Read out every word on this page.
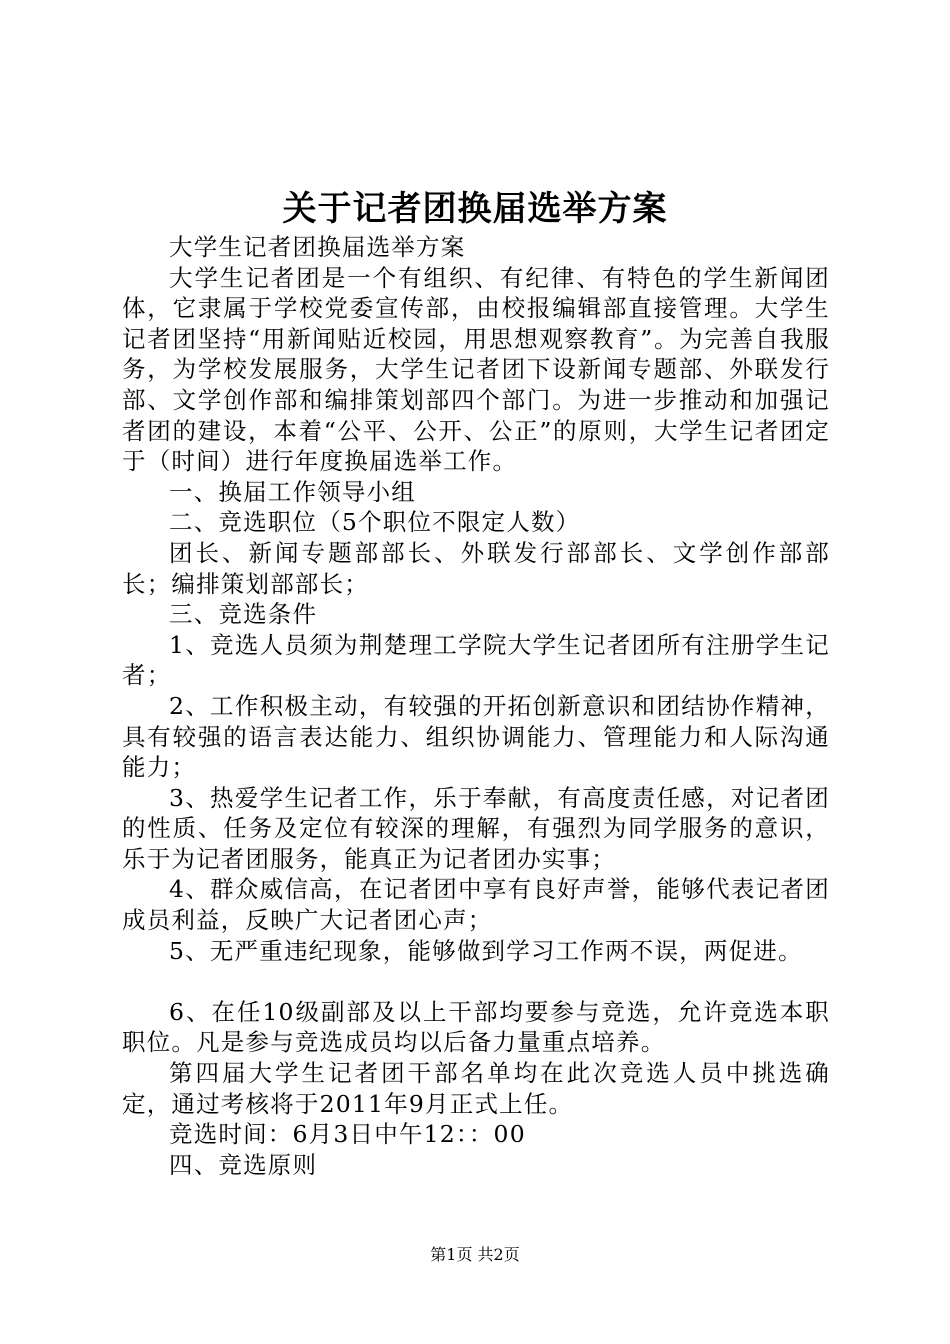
关于记者团换届选举方案

大学生记者团换届选举方案

大学生记者团是一个有组织、有纪律、有特色的学生新闻团体，它隶属于学校党委宣传部，由校报编辑部直接管理。大学生记者团坚持“用新闻贴近校园，用思想观察教育”。为完善自我服务，为学校发展服务，大学生记者团下设新闻专题部、外联发行部、文学创作部和编排策划部四个部门。为进一步推动和加强记者团的建设，本着“公平、公开、公正”的原则，大学生记者团定于（时间）进行年度换届选举工作。

一、换届工作领导小组

二、竞选职位（5个职位不限定人数）

团长、新闻专题部部长、外联发行部部长、文学创作部部长；编排策划部部长；

三、竞选条件

1、竞选人员须为荆楚理工学院大学生记者团所有注册学生记者；

2、工作积极主动，有较强的开拓创新意识和团结协作精神，具有较强的语言表达能力、组织协调能力、管理能力和人际沟通能力；

3、热爱学生记者工作，乐于奉献，有高度责任感，对记者团的性质、任务及定位有较深的理解，有强烈为同学服务的意识，乐于为记者团服务，能真正为记者团办实事；

4、群众威信高，在记者团中享有良好声誉，能够代表记者团成员利益，反映广大记者团心声；

5、无严重违纪现象，能够做到学习工作两不误，两促进。

6、在任10级副部及以上干部均要参与竞选，允许竞选本职职位。凡是参与竞选成员均以后备力量重点培养。

第四届大学生记者团干部名单均在此次竞选人员中挑选确定，通过考核将于2011年9月正式上任。

竞选时间：6月3日中午12：：00

四、竞选原则

第1页 共2页
